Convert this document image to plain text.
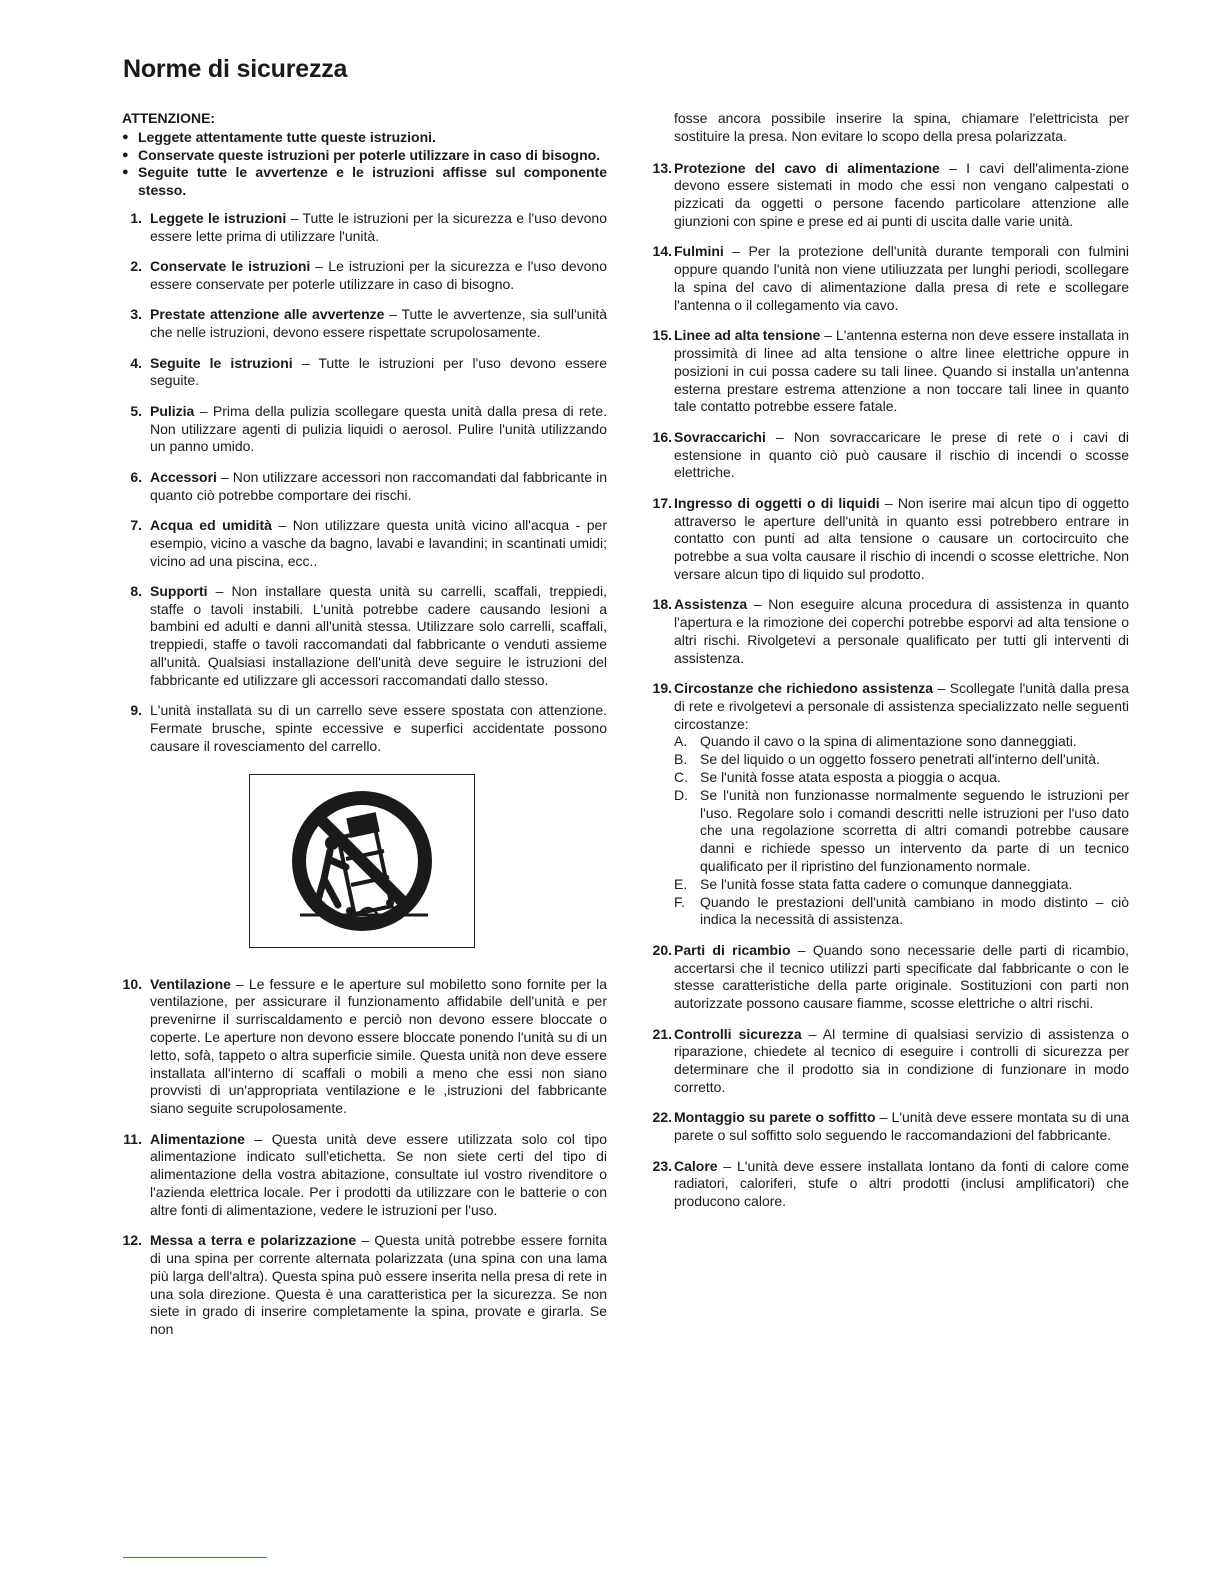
Norme di sicurezza
ATTENZIONE:
● Leggete attentamente tutte queste istruzioni.
● Conservate queste istruzioni per poterle utilizzare in caso di bisogno.
● Seguite tutte le avvertenze e le istruzioni affisse sul componente stesso.
1. Leggete le istruzioni – Tutte le istruzioni per la sicurezza e l'uso devono essere lette prima di utilizzare l'unità.
2. Conservate le istruzioni – Le istruzioni per la sicurezza e l'uso devono essere conservate per poterle utilizzare in caso di bisogno.
3. Prestate attenzione alle avvertenze – Tutte le avvertenze, sia sull'unità che nelle istruzioni, devono essere rispettate scrupolosamente.
4. Seguite le istruzioni – Tutte le istruzioni per l'uso devono essere seguite.
5. Pulizia – Prima della pulizia scollegare questa unità dalla presa di rete. Non utilizzare agenti di pulizia liquidi o aerosol. Pulire l'unità utilizzando un panno umido.
6. Accessori – Non utilizzare accessori non raccomandati dal fabbricante in quanto ciò potrebbe comportare dei rischi.
7. Acqua ed umidità – Non utilizzare questa unità vicino all'acqua - per esempio, vicino a vasche da bagno, lavabi e lavandini; in scantinati umidi; vicino ad una piscina, ecc..
8. Supporti – Non installare questa unità su carrelli, scaffali, treppiedi, staffe o tavoli instabili. L'unità potrebbe cadere causando lesioni a bambini ed adulti e danni all'unità stessa. Utilizzare solo carrelli, scaffali, treppiedi, staffe o tavoli raccomandati dal fabbricante o venduti assieme all'unità. Qualsiasi installazione dell'unità deve seguire le istruzioni del fabbricante ed utilizzare gli accessori raccomandati dallo stesso.
9. L'unità installata su di un carrello seve essere spostata con attenzione. Fermate brusche, spinte eccessive e superfici accidentate possono causare il rovesciamento del carrello.
10. Ventilazione – Le fessure e le aperture sul mobiletto sono fornite per la ventilazione, per assicurare il funzionamento affidabile dell'unità e per prevenirne il surriscaldamento e perciò non devono essere bloccate o coperte. Le aperture non devono essere bloccate ponendo l'unità su di un letto, sofà, tappeto o altra superficie simile. Questa unità non deve essere installata all'interno di scaffali o mobili a meno che essi non siano provvisti di un'appropriata ventilazione e le ,istruzioni del fabbricante siano seguite scrupolosamente.
11. Alimentazione – Questa unità deve essere utilizzata solo col tipo alimentazione indicato sull'etichetta. Se non siete certi del tipo di alimentazione della vostra abitazione, consultate iul vostro rivenditore o l'azienda elettrica locale. Per i prodotti da utilizzare con le batterie o con altre fonti di alimentazione, vedere le istruzioni per l'uso.
12. Messa a terra e polarizzazione – Questa unità potrebbe essere fornita di una spina per corrente alternata polarizzata (una spina con una lama più larga dell'altra). Questa spina può essere inserita nella presa di rete in una sola direzione. Questa è una caratteristica per la sicurezza. Se non siete in grado di inserire completamente la spina, provate e girarla. Se non
fosse ancora possibile inserire la spina, chiamare l'elettricista per sostituire la presa. Non evitare lo scopo della presa polarizzata.
13. Protezione del cavo di alimentazione – I cavi dell'alimenta-zione devono essere sistemati in modo che essi non vengano calpestati o pizzicati da oggetti o persone facendo particolare attenzione alle giunzioni con spine e prese ed ai punti di uscita dalle varie unità.
14. Fulmini – Per la protezione dell'unità durante temporali con fulmini oppure quando l'unità non viene utiliuzzata per lunghi periodi, scollegare la spina del cavo di alimentazione dalla presa di rete e scollegare l'antenna o il collegamento via cavo.
15. Linee ad alta tensione – L'antenna esterna non deve essere installata in prossimità di linee ad alta tensione o altre linee elettriche oppure in posizioni in cui possa cadere su tali linee. Quando si installa un'antenna esterna prestare estrema attenzione a non toccare tali linee in quanto tale contatto potrebbe essere fatale.
16. Sovraccarichi – Non sovraccaricare le prese di rete o i cavi di estensione in quanto ciò può causare il rischio di incendi o scosse elettriche.
17. Ingresso di oggetti o di liquidi – Non iserire mai alcun tipo di oggetto attraverso le aperture dell'unità in quanto essi potrebbero entrare in contatto con punti ad alta tensione o causare un cortocircuito che potrebbe a sua volta causare il rischio di incendi o scosse elettriche. Non versare alcun tipo di liquido sul prodotto.
18. Assistenza – Non eseguire alcuna procedura di assistenza in quanto l'apertura e la rimozione dei coperchi potrebbe esporvi ad alta tensione o altri rischi. Rivolgetevi a personale qualificato per tutti gli interventi di assistenza.
19. Circostanze che richiedono assistenza – Scollegate l'unità dalla presa di rete e rivolgetevi a personale di assistenza specializzato nelle seguenti circostanze:
A. Quando il cavo o la spina di alimentazione sono danneggiati.
B. Se del liquido o un oggetto fossero penetrati all'interno dell'unità.
C. Se l'unità fosse atata esposta a pioggia o acqua.
D. Se l'unità non funzionasse normalmente seguendo le istruzioni per l'uso. Regolare solo i comandi descritti nelle istruzioni per l'uso dato che una regolazione scorretta di altri comandi potrebbe causare danni e richiede spesso un intervento da parte di un tecnico qualificato per il ripristino del funzionamento normale.
E. Se l'unità fosse stata fatta cadere o comunque danneggiata.
F. Quando le prestazioni dell'unità cambiano in modo distinto – ciò indica la necessità di assistenza.
20. Parti di ricambio – Quando sono necessarie delle parti di ricambio, accertarsi che il tecnico utilizzi parti specificate dal fabbricante o con le stesse caratteristiche della parte originale. Sostituzioni con parti non autorizzate possono causare fiamme, scosse elettriche o altri rischi.
21. Controlli sicurezza – Al termine di qualsiasi servizio di assistenza o riparazione, chiedete al tecnico di eseguire i controlli di sicurezza per determinare che il prodotto sia in condizione di funzionare in modo corretto.
22. Montaggio su parete o soffitto – L'unità deve essere montata su di una parete o sul soffitto solo seguendo le raccomandazioni del fabbricante.
23. Calore – L'unità deve essere installata lontano da fonti di calore come radiatori, caloriferi, stufe o altri prodotti (inclusi amplificatori) che producono calore.
